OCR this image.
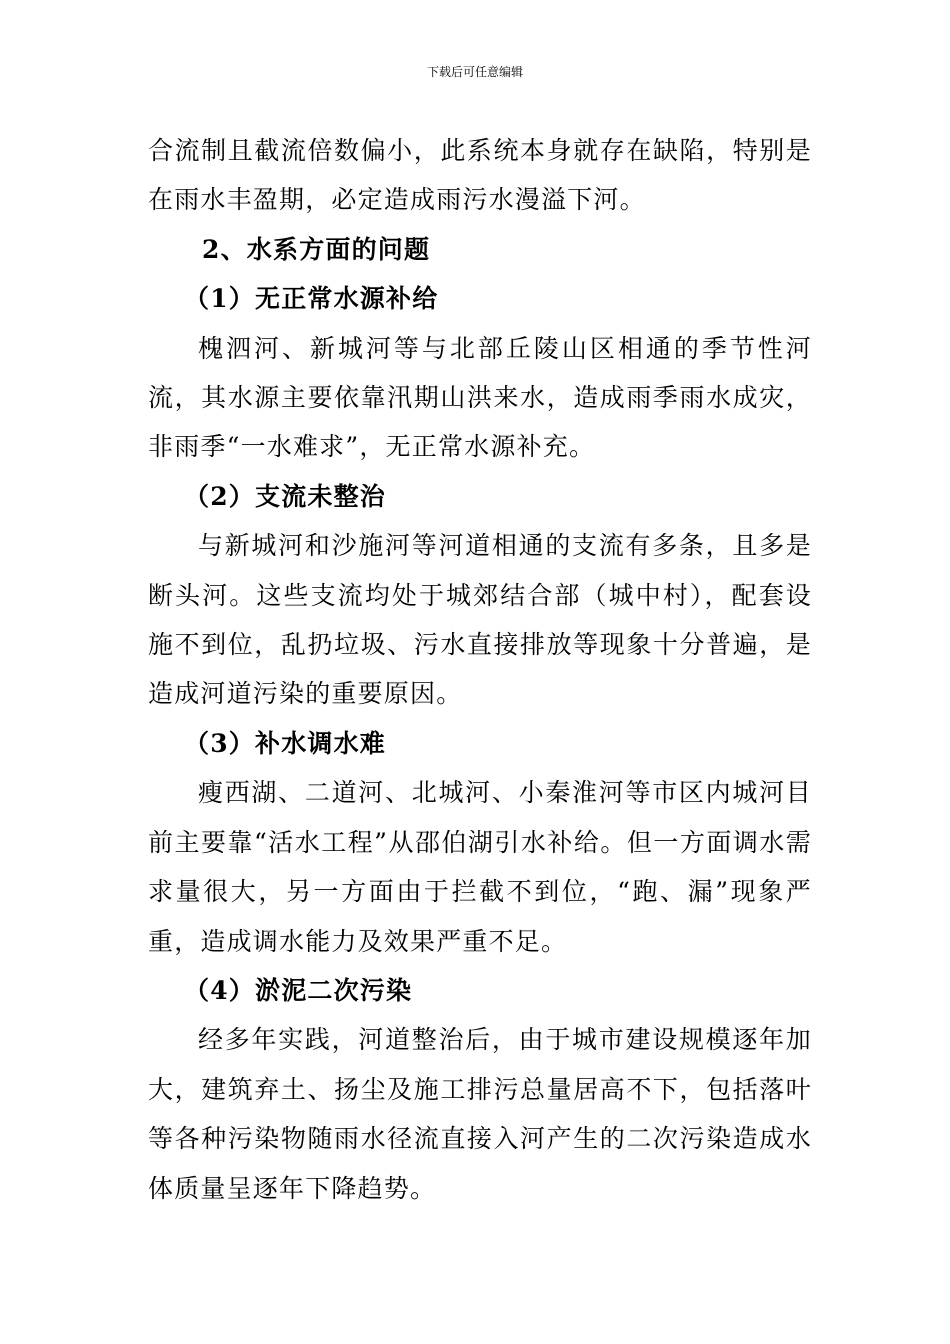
下载后可任意编辑

合流制且截流倍数偏小，此系统本身就存在缺陷，特别是在雨水丰盈期，必定造成雨污水漫溢下河。

2、水系方面的问题

（1）无正常水源补给

槐泗河、新城河等与北部丘陵山区相通的季节性河流，其水源主要依靠汛期山洪来水，造成雨季雨水成灾，非雨季“一水难求”，无正常水源补充。

（2）支流未整治

与新城河和沙施河等河道相通的支流有多条，且多是断头河。这些支流均处于城郊结合部（城中村），配套设施不到位，乱扔垃圾、污水直接排放等现象十分普遍，是造成河道污染的重要原因。

（3）补水调水难

瘦西湖、二道河、北城河、小秦淮河等市区内城河目前主要靠“活水工程”从邵伯湖引水补给。但一方面调水需求量很大，另一方面由于拦截不到位，“跑、漏”现象严重，造成调水能力及效果严重不足。

（4）淤泥二次污染

经多年实践，河道整治后，由于城市建设规模逐年加大，建筑弃土、扬尘及施工排污总量居高不下，包括落叶等各种污染物随雨水径流直接入河产生的二次污染造成水体质量呈逐年下降趋势。
